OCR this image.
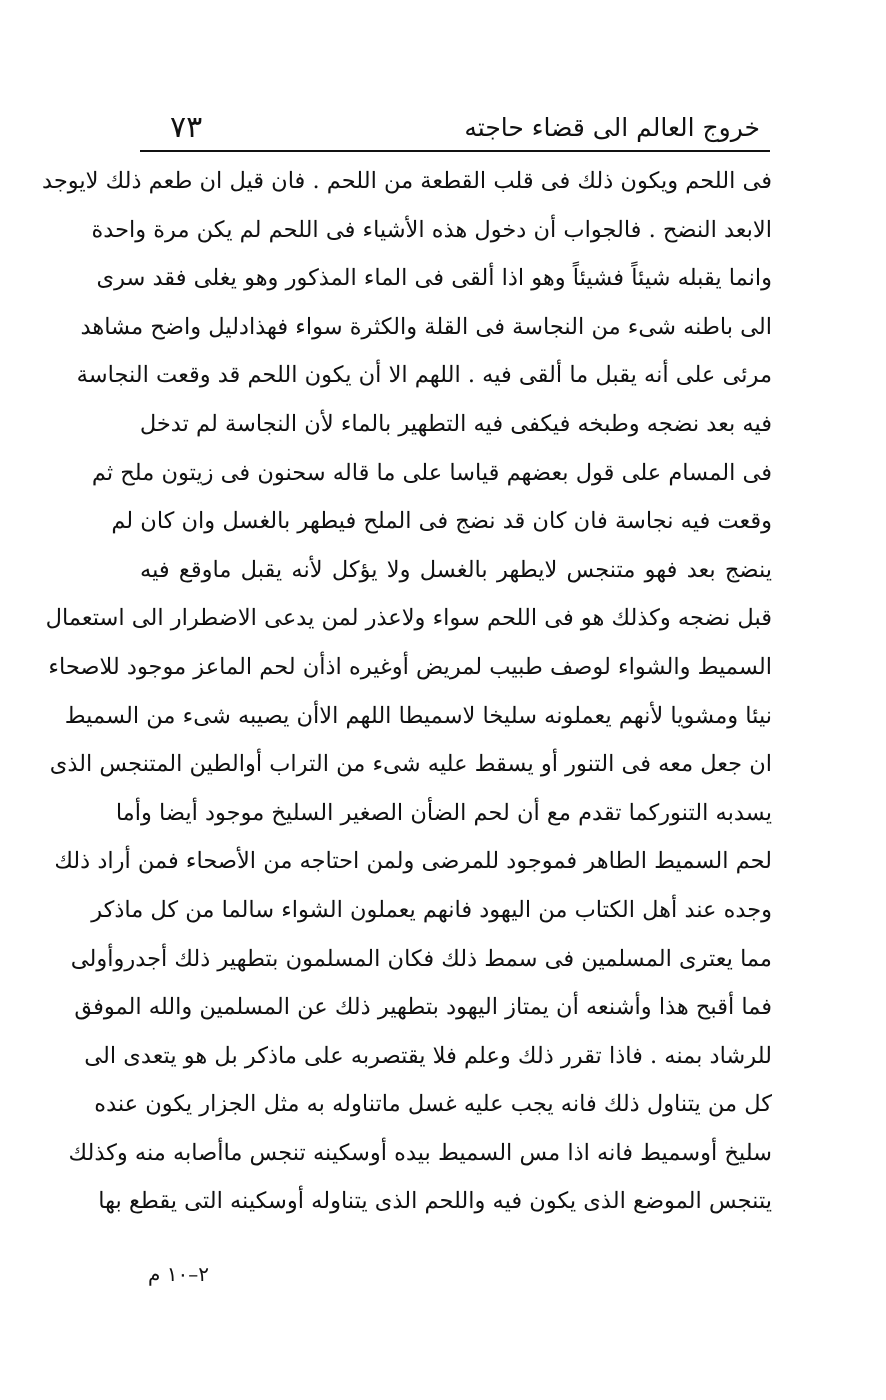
٧٣	خروج العالم الى قضاء حاجته
فى اللحم ويكون ذلك فى قلب القطعة من اللحم . فان قيل ان طعم ذلك لايوجد
الابعد النضح . فالجواب أن دخول هذه الأشياء فى اللحم لم يكن مرة واحدة
وانما يقبله شيئاً فشيئاً وهو اذا ألقى فى الماء المذكور وهو يغلى فقد سرى
الى باطنه شىء من النجاسة فى القلة والكثرة سواء فهذادليل واضح مشاهد
مرئى على أنه يقبل ما ألقى فيه . اللهم الا أن يكون اللحم قد وقعت النجاسة
فيه بعد نضجه وطبخه فيكفى فيه التطهير بالماء لأن النجاسة لم تدخل
فى المسام على قول بعضهم قياسا على ما قاله سحنون فى زيتون ملح ثم
وقعت فيه نجاسة فان كان قد نضج فى الملح فيطهر بالغسل وان كان لم
ينضج بعد فهو متنجس لايطهر بالغسل ولا يؤكل لأنه يقبل ماوقع فيه
قبل نضجه وكذلك هو فى اللحم سواء ولاعذر لمن يدعى الاضطرار الى استعمال
السميط والشواء لوصف طبيب لمريض أوغيره اذأن لحم الماعز موجود للاصحاء
نيئا ومشويا لأنهم يعملونه سليخا لاسميطا اللهم الاأن يصيبه شىء من السميط
ان جعل معه فى التنور أو يسقط عليه شىء من التراب أوالطين المتنجس الذى
يسدبه التنوركما تقدم مع أن لحم الضأن الصغير السليخ موجود أيضا وأما
لحم السميط الطاهر فموجود للمرضى ولمن احتاجه من الأصحاء فمن أراد ذلك
وجده عند أهل الكتاب من اليهود فانهم يعملون الشواء سالما من كل ماذكر
مما يعترى المسلمين فى سمط ذلك فكان المسلمون بتطهير ذلك أجدروأولى
فما أقبح هذا وأشنعه أن يمتاز اليهود بتطهير ذلك عن المسلمين والله الموفق
للرشاد بمنه . فاذا تقرر ذلك وعلم فلا يقتصربه على ماذكر بل هو يتعدى الى
كل من يتناول ذلك فانه يجب عليه غسل ماتناوله به مثل الجزار يكون عنده
سليخ أوسميط فانه اذا مس السميط بيده أوسكينه تنجس ماأصابه منه وكذلك
يتنجس الموضع الذى يكون فيه واللحم الذى يتناوله أوسكينه التى يقطع بها
٢–١٠ م
